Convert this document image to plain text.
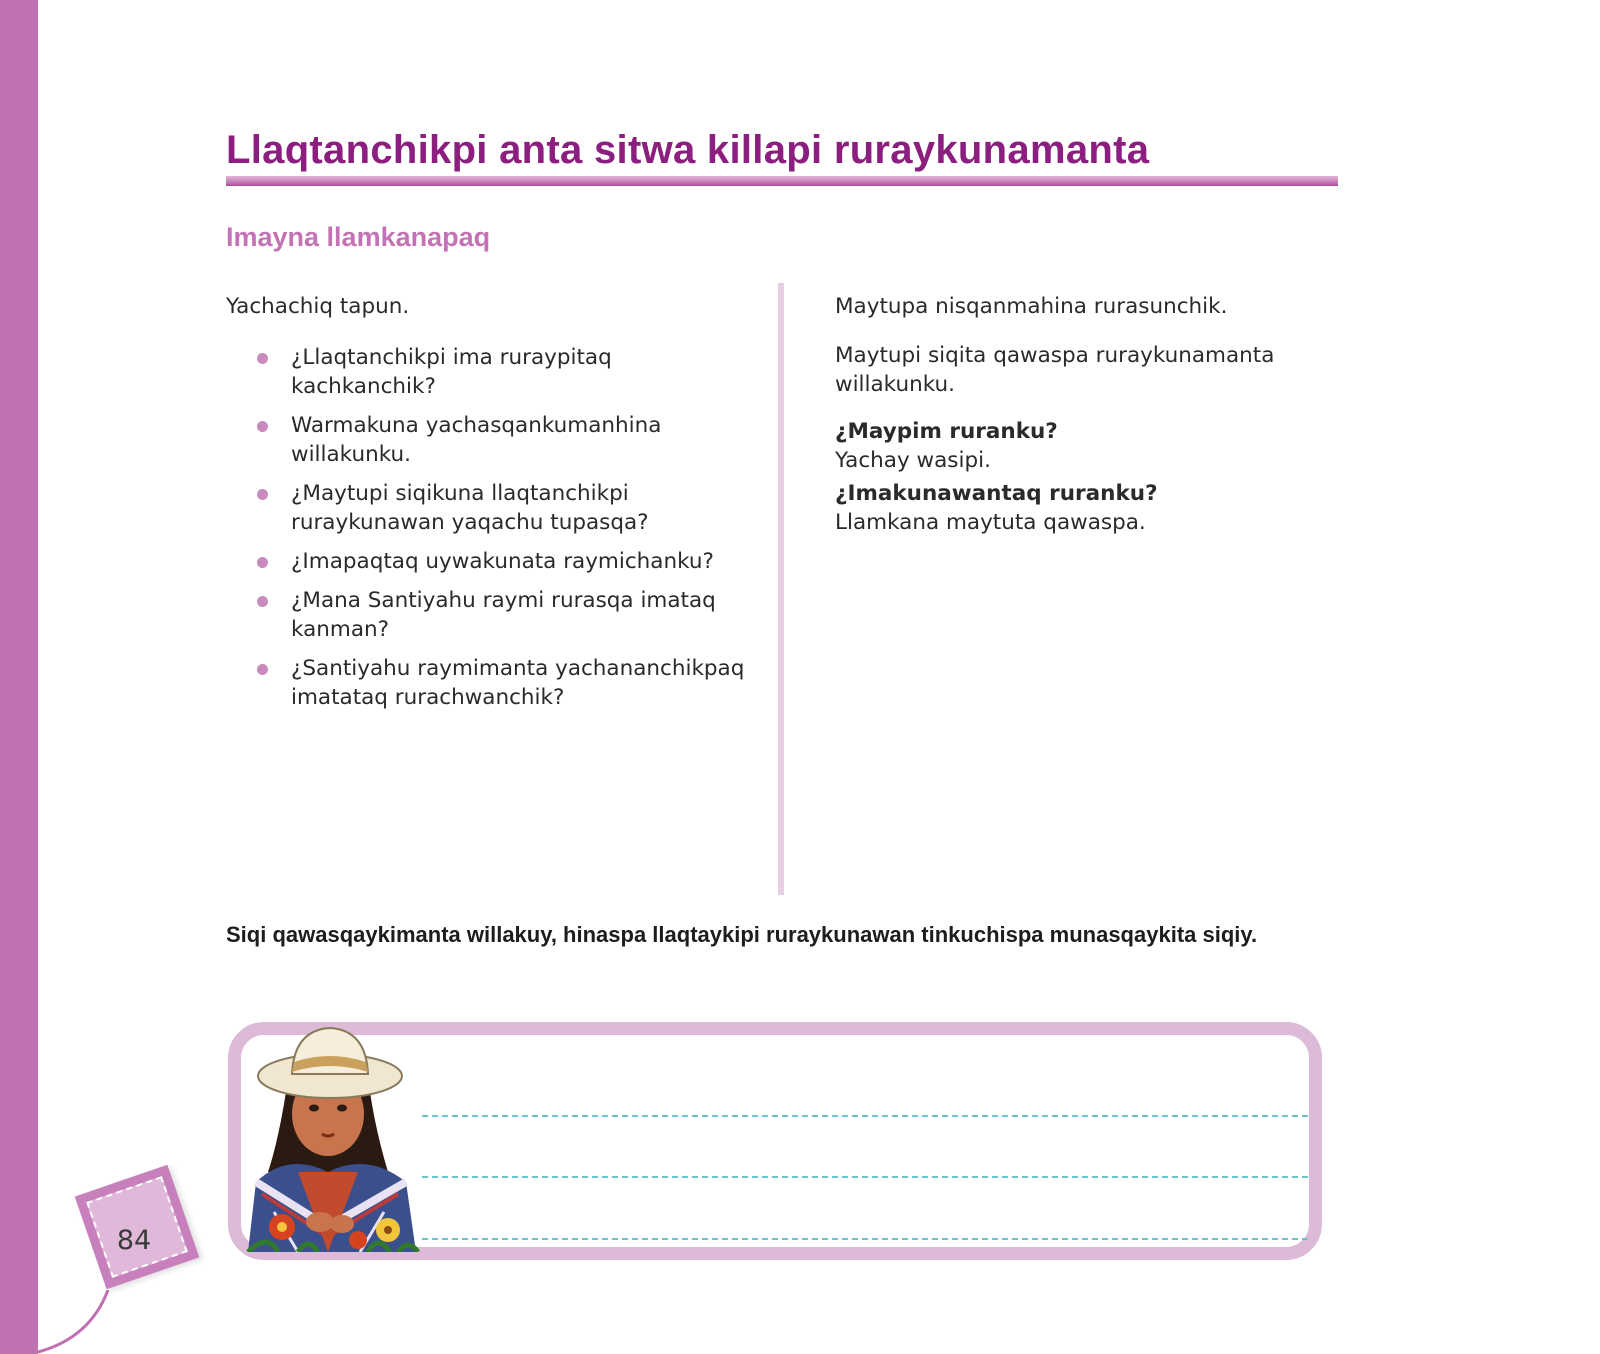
Llaqtanchikpi anta sitwa killapi ruraykunamanta
Imayna llamkanapaq

Yachachiq tapun.

¿Llaqtanchikpi ima ruraypitaq kachkanchik?
Warmakuna yachasqankumanhina willakunku.
¿Maytupi siqikuna llaqtanchikpi ruraykunawan yaqachu tupasqa?
¿Imapaqtaq uywakunata raymichanku?
¿Mana Santiyahu raymi rurasqa imataq kanman?
¿Santiyahu raymimanta yachananchikpaq imatataq rurachwanchik?

Maytupa nisqanmahina rurasunchik.

Maytupi siqita qawaspa ruraykunamanta willakunku.

¿Maypim ruranku?

Yachay wasipi.

¿Imakunawantaq ruranku?

Llamkana maytuta qawaspa.

Siqi qawasqaykimanta willakuy, hinaspa llaqtaykipi ruraykunawan tinkuchispa munasqaykita siqiy.

84
